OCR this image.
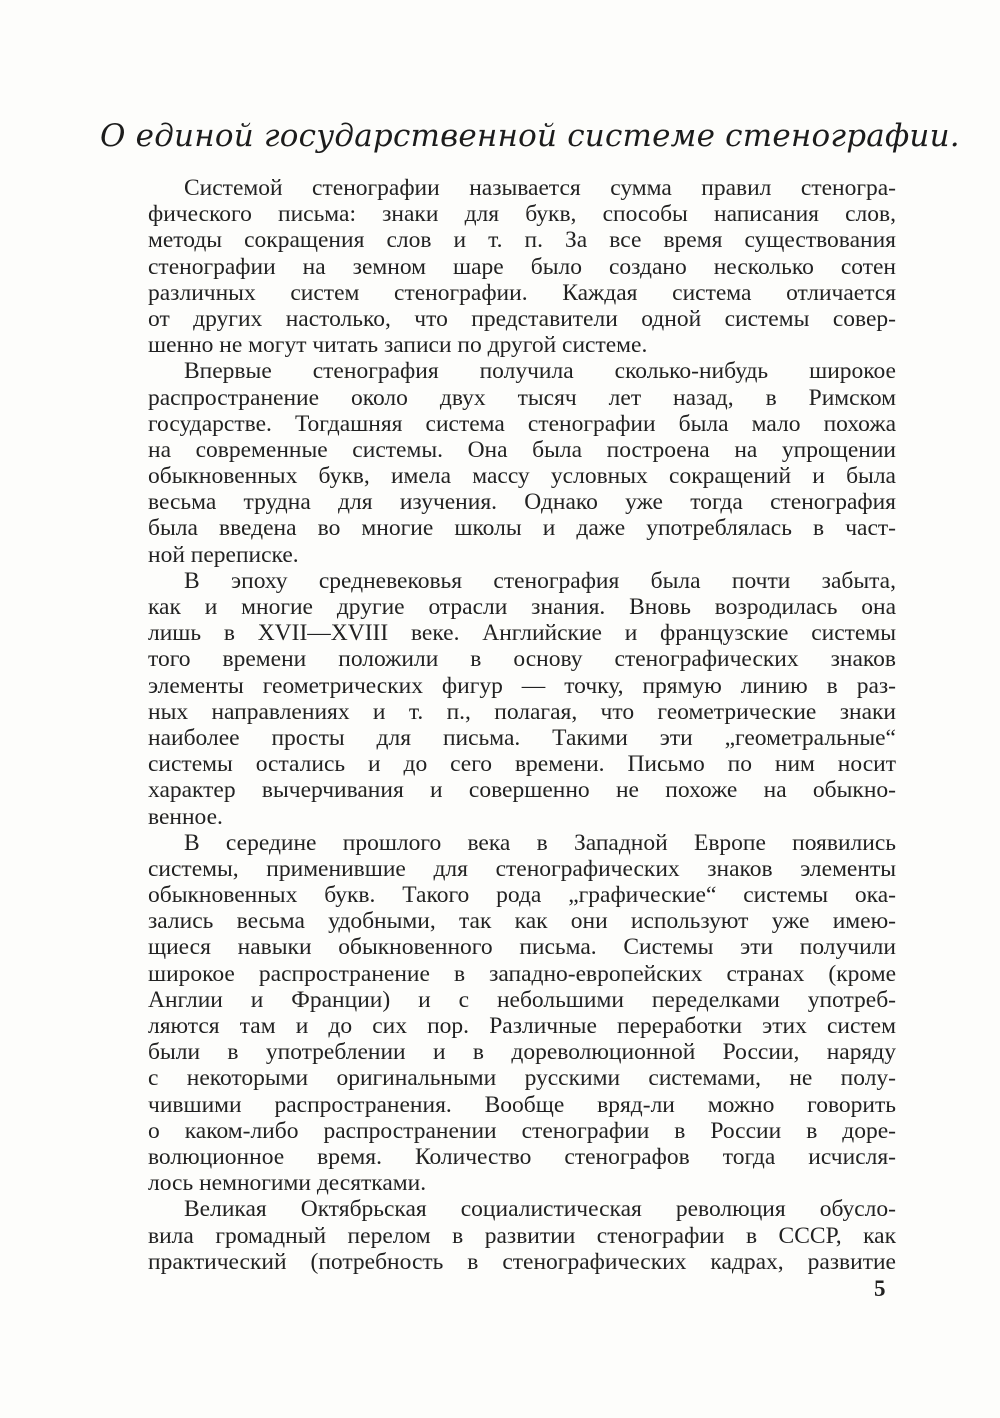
О единой государственной системе стенографии.
Системой стенографии называется сумма правил стеногра-
фического письма: знаки для букв, способы написания слов,
методы сокращения слов и т. п. За все время существования
стенографии на земном шаре было создано несколько сотен
различных систем стенографии. Каждая система отличается
от других настолько, что представители одной системы совер-
шенно не могут читать записи по другой системе.
Впервые стенография получила сколько-нибудь широкое
распространение около двух тысяч лет назад, в Римском
государстве. Тогдашняя система стенографии была мало похожа
на современные системы. Она была построена на упрощении
обыкновенных букв, имела массу условных сокращений и была
весьма трудна для изучения. Однако уже тогда стенография
была введена во многие школы и даже употреблялась в част-
ной переписке.
В эпоху средневековья стенография была почти забыта,
как и многие другие отрасли знания. Вновь возродилась она
лишь в XVII—XVIII веке. Английские и французские системы
того времени положили в основу стенографических знаков
элементы геометрических фигур — точку, прямую линию в раз-
ных направлениях и т. п., полагая, что геометрические знаки
наиболее просты для письма. Такими эти „геометральные“
системы остались и до сего времени. Письмо по ним носит
характер вычерчивания и совершенно не похоже на обыкно-
венное.
В середине прошлого века в Западной Европе появились
системы, применившие для стенографических знаков элементы
обыкновенных букв. Такого рода „графические“ системы ока-
зались весьма удобными, так как они используют уже имею-
щиеся навыки обыкновенного письма. Системы эти получили
широкое распространение в западно-европейских странах (кроме
Англии и Франции) и с небольшими переделками употреб-
ляются там и до сих пор. Различные переработки этих систем
были в употреблении и в дореволюционной России, наряду
с некоторыми оригинальными русскими системами, не полу-
чившими распространения. Вообще вряд-ли можно говорить
о каком-либо распространении стенографии в России в доре-
волюционное время. Количество стенографов тогда исчисля-
лось немногими десятками.
Великая Октябрьская социалистическая революция обусло-
вила громадный перелом в развитии стенографии в СССР, как
практический (потребность в стенографических кадрах, развитие
5
